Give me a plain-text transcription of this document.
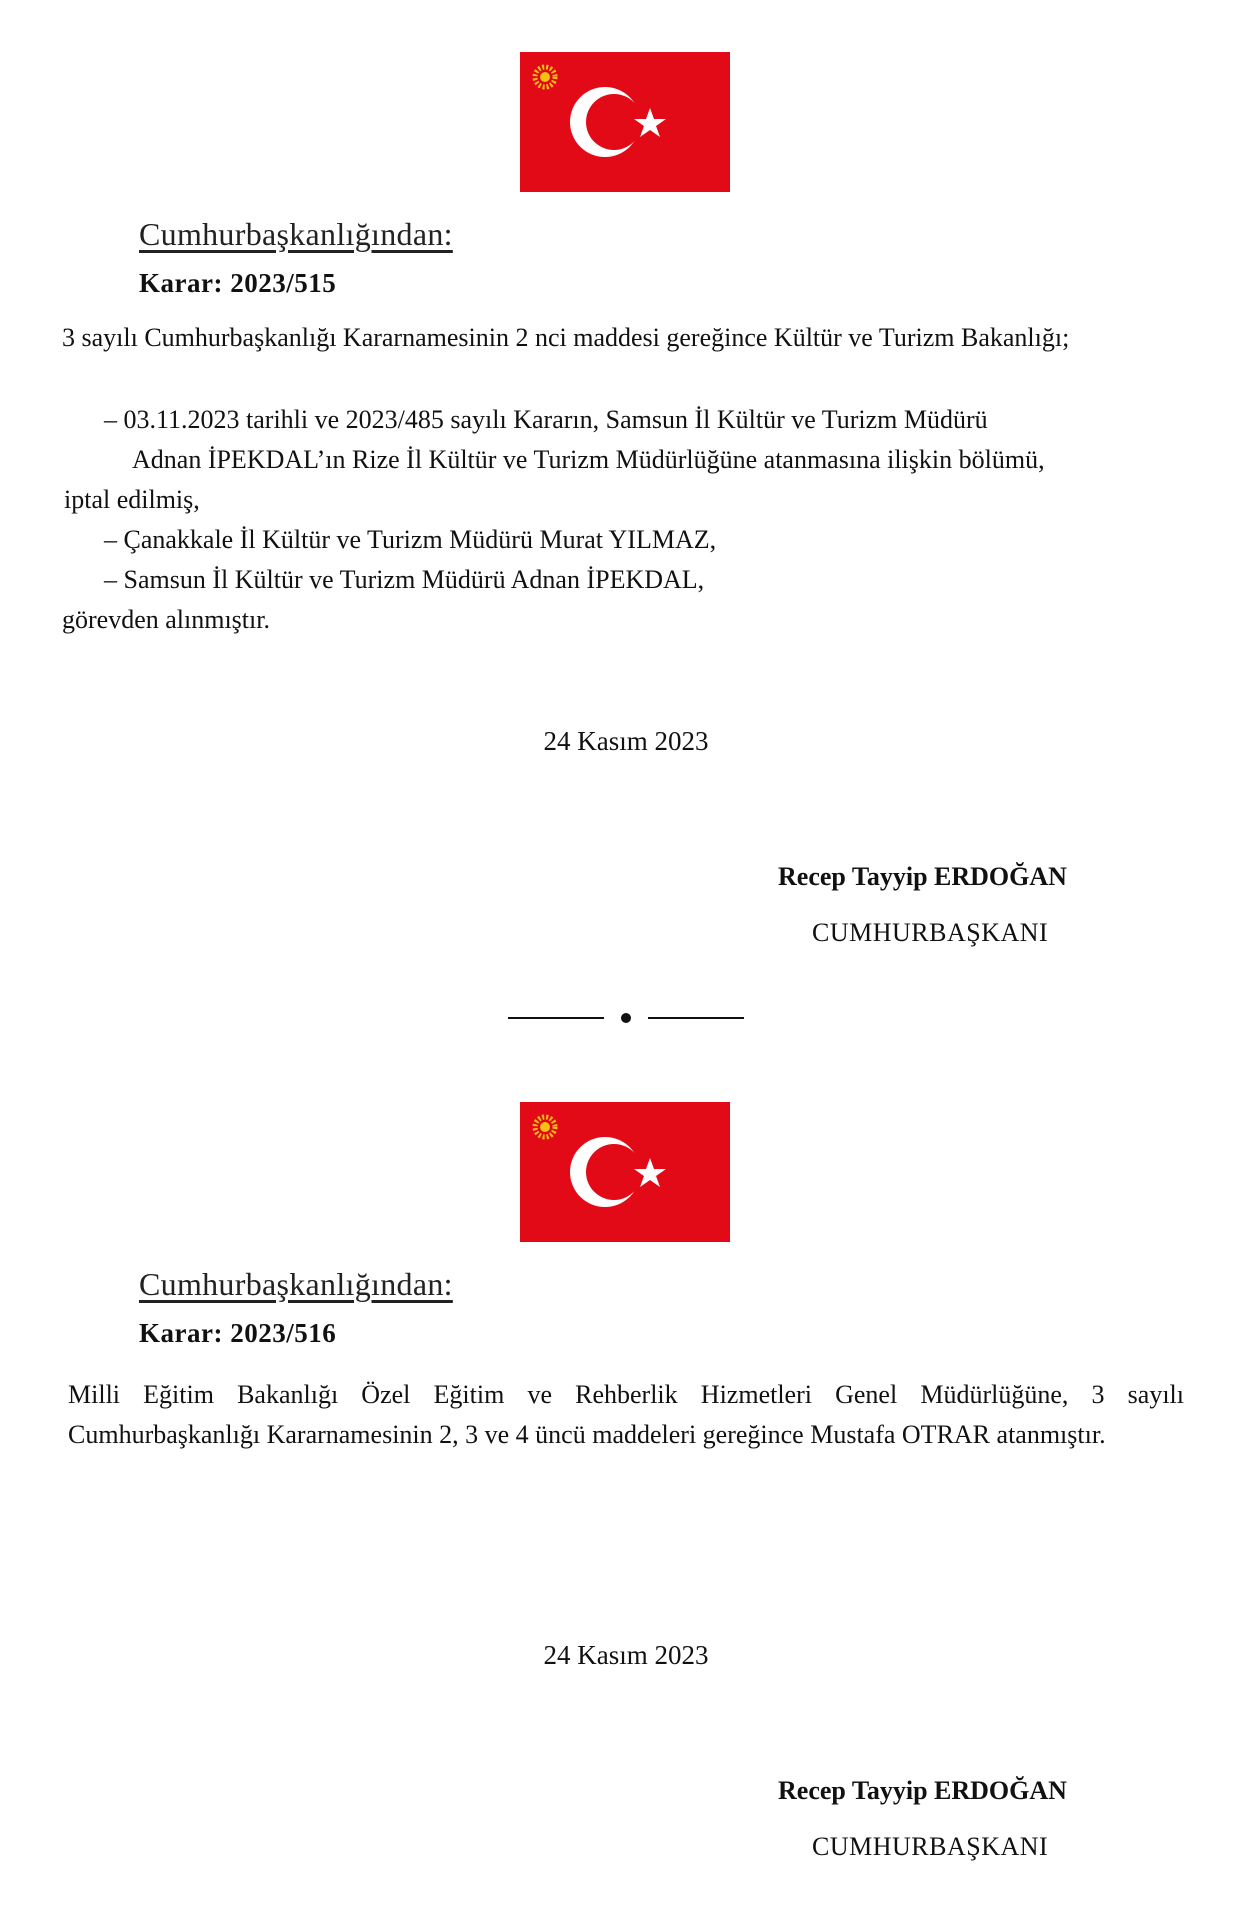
Cumhurbaşkanlığından:
Karar: 2023/515
3 sayılı Cumhurbaşkanlığı Kararnamesinin 2 nci maddesi gereğince Kültür ve Turizm Bakanlığı;
– 03.11.2023 tarihli ve 2023/485 sayılı Kararın, Samsun İl Kültür ve Turizm Müdürü
Adnan İPEKDAL’ın Rize İl Kültür ve Turizm Müdürlüğüne atanmasına ilişkin bölümü,
iptal edilmiş,
– Çanakkale İl Kültür ve Turizm Müdürü Murat YILMAZ,
– Samsun İl Kültür ve Turizm Müdürü Adnan İPEKDAL,
görevden alınmıştır.
24 Kasım 2023
Recep Tayyip ERDOĞAN
CUMHURBAŞKANI
Cumhurbaşkanlığından:
Karar: 2023/516
Milli Eğitim Bakanlığı Özel Eğitim ve Rehberlik Hizmetleri Genel Müdürlüğüne, 3 sayılı Cumhurbaşkanlığı Kararnamesinin 2, 3 ve 4 üncü maddeleri gereğince Mustafa OTRAR atanmıştır.
24 Kasım 2023
Recep Tayyip ERDOĞAN
CUMHURBAŞKANI
